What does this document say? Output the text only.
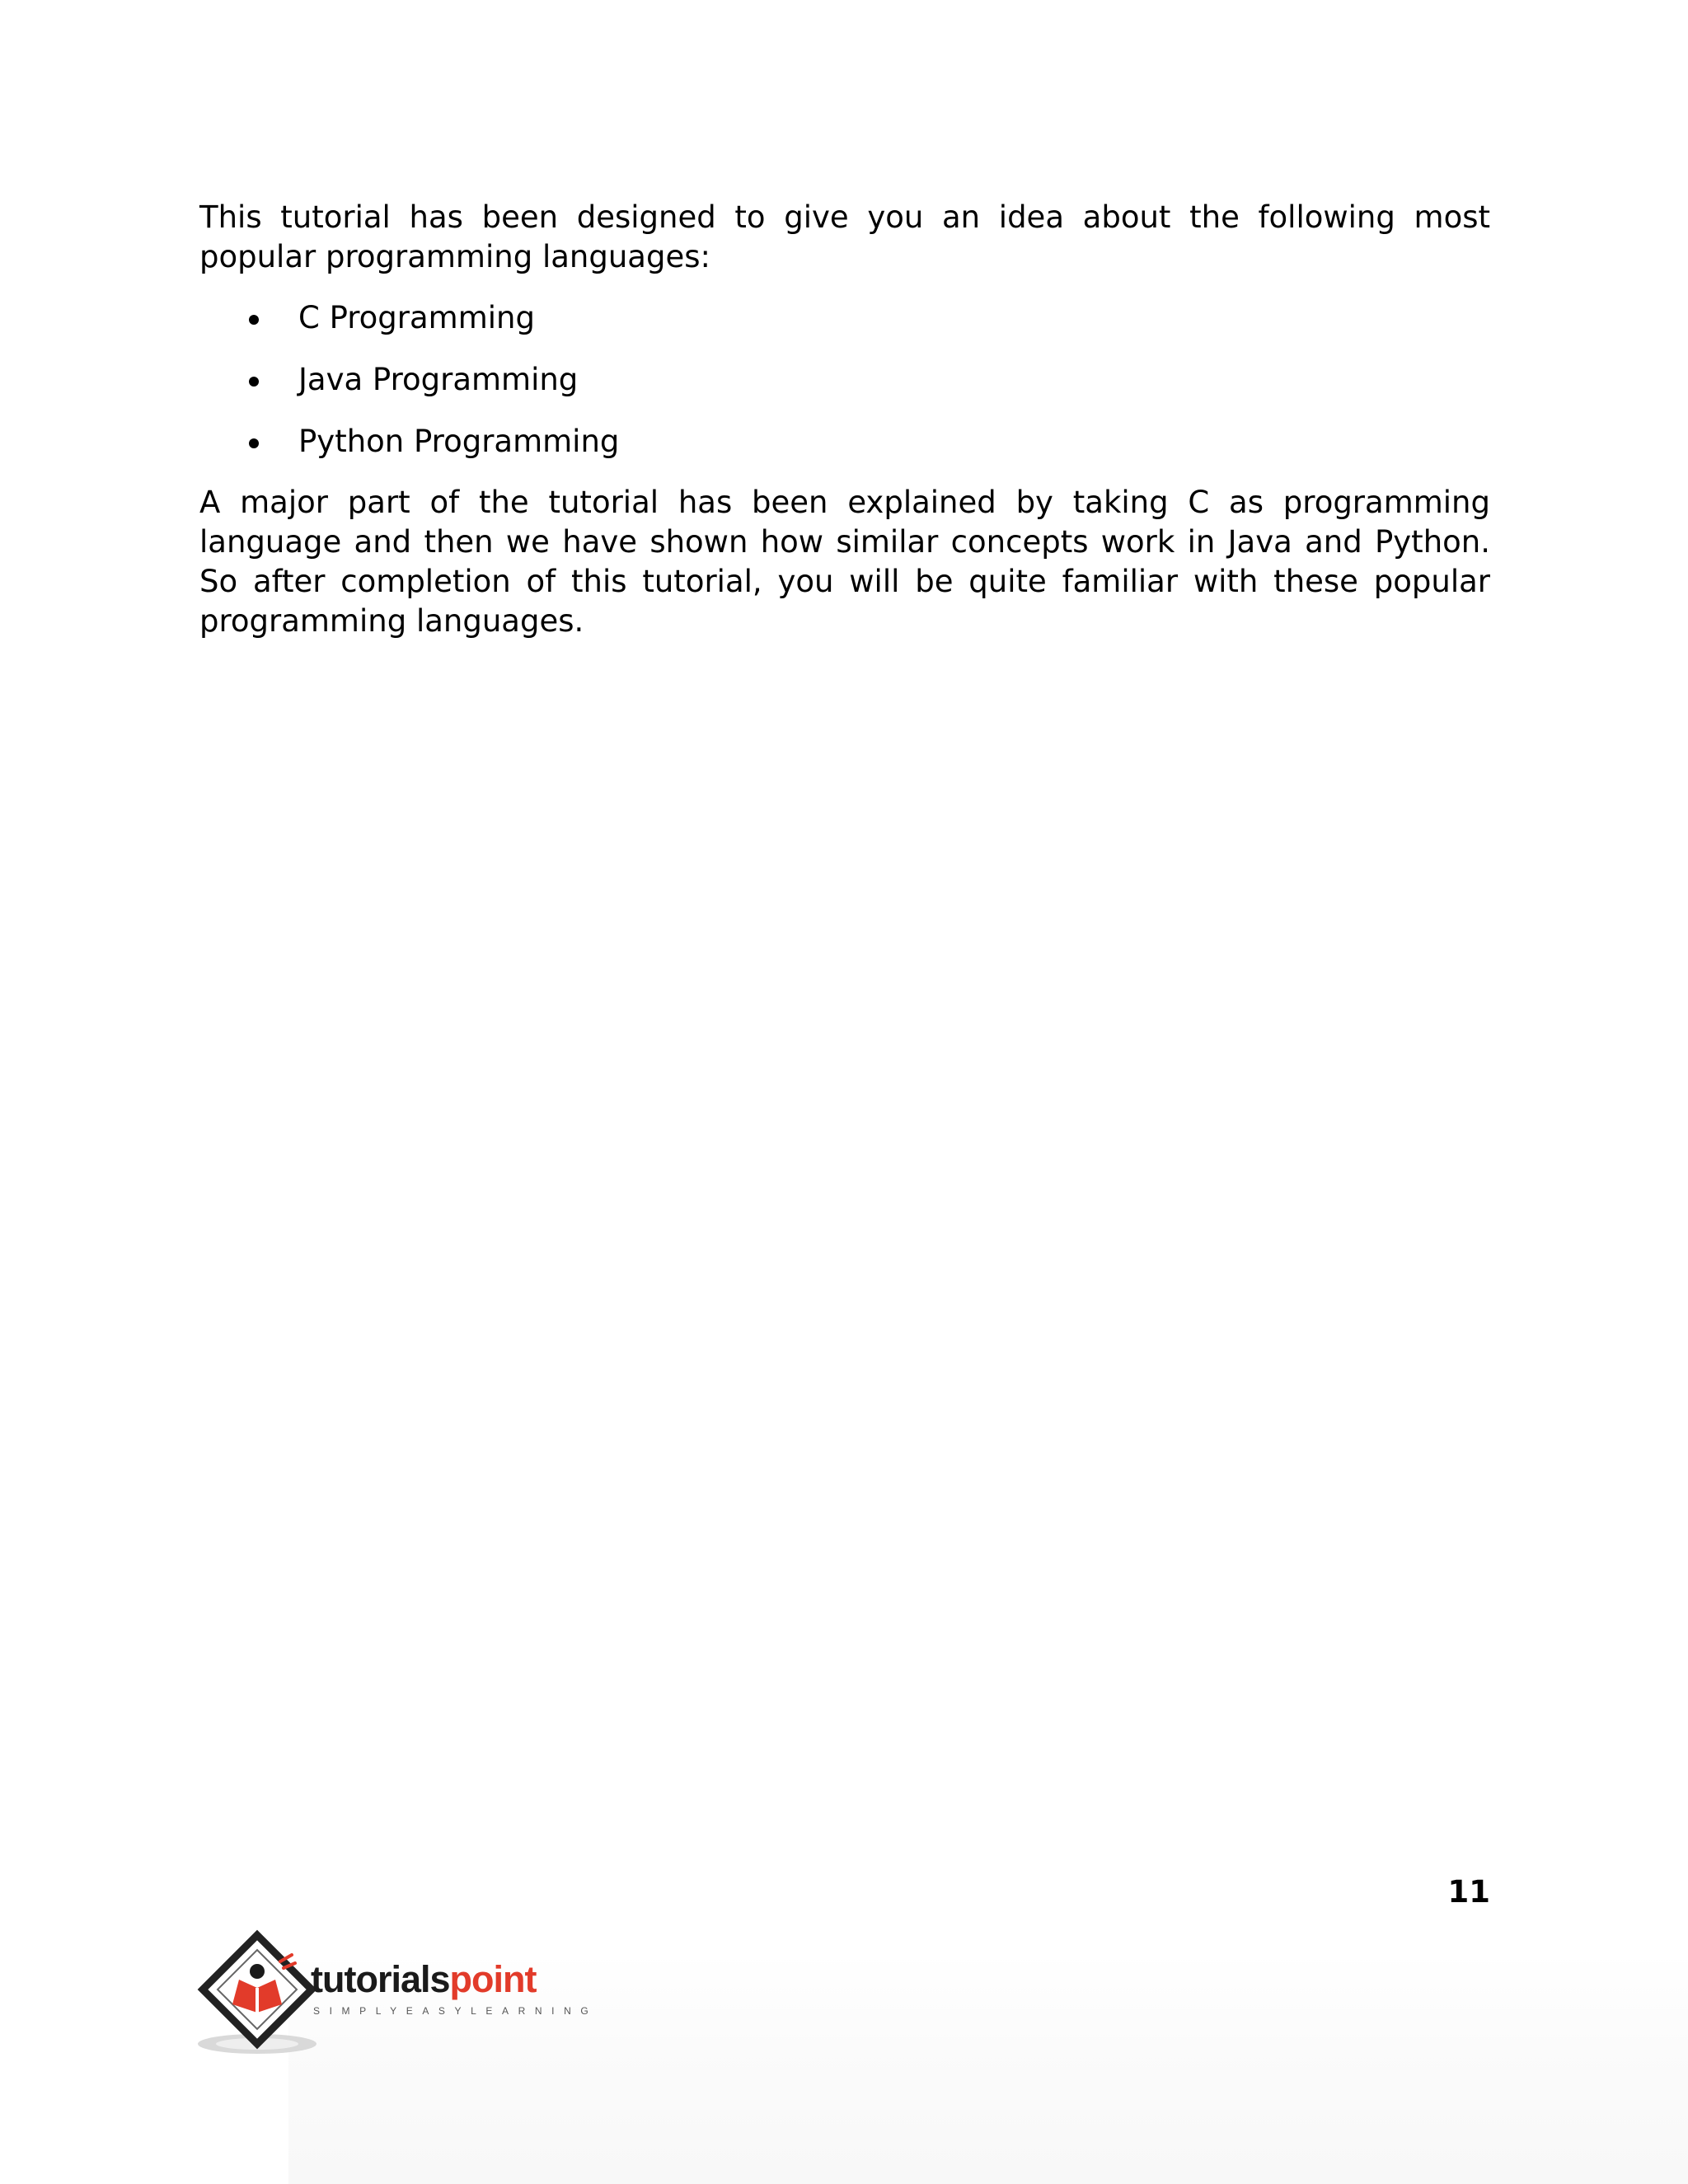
This tutorial has been designed to give you an idea about the following most popular programming languages:

C Programming
Java Programming
Python Programming

A major part of the tutorial has been explained by taking C as programming language and then we have shown how similar concepts work in Java and Python. So after completion of this tutorial, you will be quite familiar with these popular programming languages.

11
tutorialspoint
SIMPLYEASYLEARNING
